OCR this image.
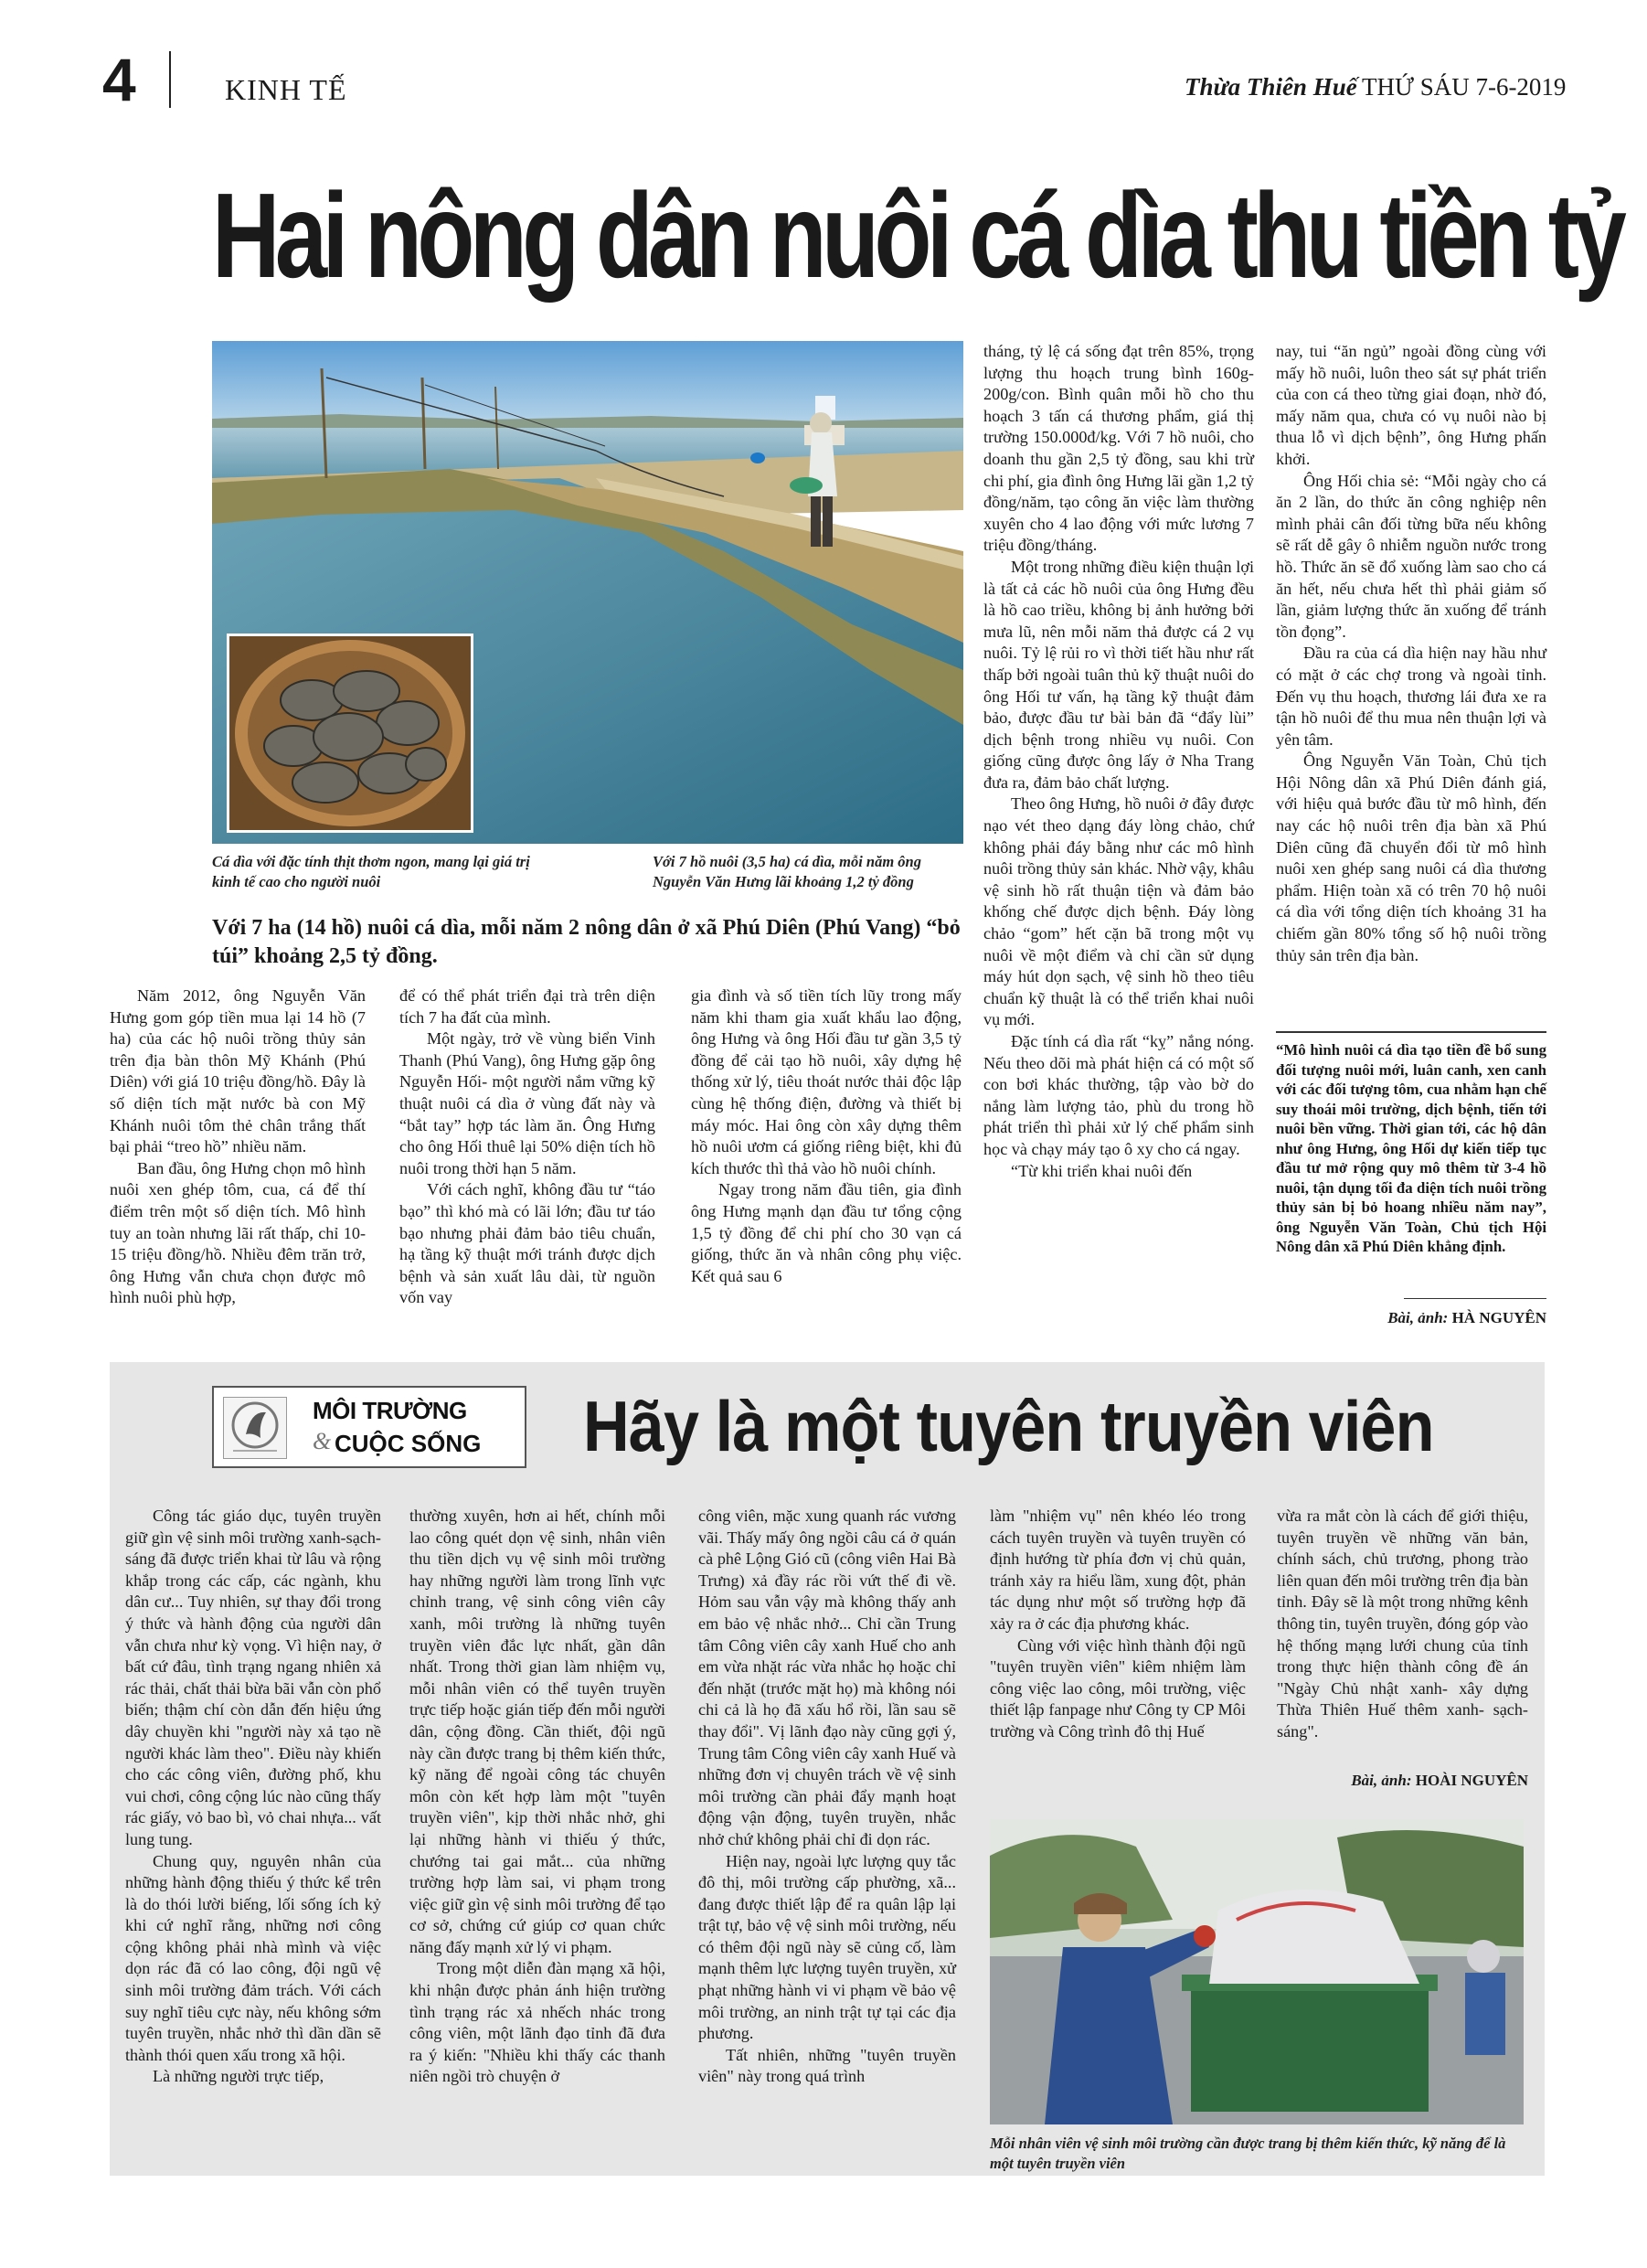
4	KINH TẾ	Thừa Thiên Huế THỨ SÁU 7-6-2019
Hai nông dân nuôi cá dìa thu tiền tỷ
Cá dìa với đặc tính thịt thơm ngon, mang lại giá trị kinh tế cao cho người nuôi
Với 7 hồ nuôi (3,5 ha) cá dìa, mỗi năm ông Nguyễn Văn Hưng lãi khoảng 1,2 tỷ đồng
Với 7 ha (14 hồ) nuôi cá dìa, mỗi năm 2 nông dân ở xã Phú Diên (Phú Vang) “bỏ túi” khoảng 2,5 tỷ đồng.

Năm 2012, ông Nguyễn Văn Hưng gom góp tiền mua lại 14 hồ (7 ha) của các hộ nuôi trồng thủy sản trên địa bàn thôn Mỹ Khánh (Phú Diên) với giá 10 triệu đồng/hồ. Đây là số diện tích mặt nước bà con Mỹ Khánh nuôi tôm thẻ chân trắng thất bại phải “treo hồ” nhiều năm.

Ban đầu, ông Hưng chọn mô hình nuôi xen ghép tôm, cua, cá để thí điểm trên một số diện tích. Mô hình tuy an toàn nhưng lãi rất thấp, chỉ 10-15 triệu đồng/hồ. Nhiều đêm trăn trở, ông Hưng vẫn chưa chọn được mô hình nuôi phù hợp,

để có thể phát triển đại trà trên diện tích 7 ha đất của mình.

Một ngày, trở về vùng biển Vinh Thanh (Phú Vang), ông Hưng gặp ông Nguyễn Hối- một người nắm vững kỹ thuật nuôi cá dìa ở vùng đất này và “bắt tay” hợp tác làm ăn. Ông Hưng cho ông Hối thuê lại 50% diện tích hồ nuôi trong thời hạn 5 năm.

Với cách nghĩ, không đầu tư “táo bạo” thì khó mà có lãi lớn; đầu tư táo bạo nhưng phải đảm bảo tiêu chuẩn, hạ tầng kỹ thuật mới tránh được dịch bệnh và sản xuất lâu dài, từ nguồn vốn vay

gia đình và số tiền tích lũy trong mấy năm khi tham gia xuất khẩu lao động, ông Hưng và ông Hối đầu tư gần 3,5 tỷ đồng để cải tạo hồ nuôi, xây dựng hệ thống xử lý, tiêu thoát nước thải độc lập cùng hệ thống điện, đường và thiết bị máy móc. Hai ông còn xây dựng thêm hồ nuôi ươm cá giống riêng biệt, khi đủ kích thước thì thả vào hồ nuôi chính.

Ngay trong năm đầu tiên, gia đình ông Hưng mạnh dạn đầu tư tổng cộng 1,5 tỷ đồng để chi phí cho 30 vạn cá giống, thức ăn và nhân công phụ việc. Kết quả sau 6

tháng, tỷ lệ cá sống đạt trên 85%, trọng lượng thu hoạch trung bình 160g-200g/con. Bình quân mỗi hồ cho thu hoạch 3 tấn cá thương phẩm, giá thị trường 150.000đ/kg. Với 7 hồ nuôi, cho doanh thu gần 2,5 tỷ đồng, sau khi trừ chi phí, gia đình ông Hưng lãi gần 1,2 tỷ đồng/năm, tạo công ăn việc làm thường xuyên cho 4 lao động với mức lương 7 triệu đồng/tháng.

Một trong những điều kiện thuận lợi là tất cả các hồ nuôi của ông Hưng đều là hồ cao triều, không bị ảnh hưởng bởi mưa lũ, nên mỗi năm thả được cá 2 vụ nuôi. Tỷ lệ rủi ro vì thời tiết hầu như rất thấp bởi ngoài tuân thủ kỹ thuật nuôi do ông Hối tư vấn, hạ tầng kỹ thuật đảm bảo, được đầu tư bài bản đã “đẩy lùi” dịch bệnh trong nhiều vụ nuôi. Con giống cũng được ông lấy ở Nha Trang đưa ra, đảm bảo chất lượng.

Theo ông Hưng, hồ nuôi ở đây được nạo vét theo dạng đáy lòng chảo, chứ không phải đáy bằng như các mô hình nuôi trồng thủy sản khác. Nhờ vậy, khâu vệ sinh hồ rất thuận tiện và đảm bảo khống chế được dịch bệnh. Đáy lòng chảo “gom” hết cặn bã trong một vụ nuôi về một điểm và chỉ cần sử dụng máy hút dọn sạch, vệ sinh hồ theo tiêu chuẩn kỹ thuật là có thể triển khai nuôi vụ mới.

Đặc tính cá dìa rất “kỵ” nắng nóng. Nếu theo dõi mà phát hiện cá có một số con bơi khác thường, tập vào bờ do nắng làm lượng tảo, phù du trong hồ phát triển thì phải xử lý chế phẩm sinh học và chạy máy tạo ô xy cho cá ngay.

“Từ khi triển khai nuôi đến

nay, tui “ăn ngủ” ngoài đồng cùng với mấy hồ nuôi, luôn theo sát sự phát triển của con cá theo từng giai đoạn, nhờ đó, mấy năm qua, chưa có vụ nuôi nào bị thua lỗ vì dịch bệnh”, ông Hưng phấn khởi.

Ông Hối chia sẻ: “Mỗi ngày cho cá ăn 2 lần, do thức ăn công nghiệp nên mình phải cân đối từng bữa nếu không sẽ rất dễ gây ô nhiễm nguồn nước trong hồ. Thức ăn sẽ đổ xuống làm sao cho cá ăn hết, nếu chưa hết thì phải giảm số lần, giảm lượng thức ăn xuống để tránh tồn đọng”.

Đầu ra của cá dìa hiện nay hầu như có mặt ở các chợ trong và ngoài tỉnh. Đến vụ thu hoạch, thương lái đưa xe ra tận hồ nuôi để thu mua nên thuận lợi và yên tâm.

Ông Nguyễn Văn Toàn, Chủ tịch Hội Nông dân xã Phú Diên đánh giá, với hiệu quả bước đầu từ mô hình, đến nay các hộ nuôi trên địa bàn xã Phú Diên cũng đã chuyển đổi từ mô hình nuôi xen ghép sang nuôi cá dìa thương phẩm. Hiện toàn xã có trên 70 hộ nuôi cá dìa với tổng diện tích khoảng 31 ha chiếm gần 80% tổng số hộ nuôi trồng thủy sản trên địa bàn.

“Mô hình nuôi cá dìa tạo tiền đề bổ sung đối tượng nuôi mới, luân canh, xen canh với các đối tượng tôm, cua nhằm hạn chế suy thoái môi trường, dịch bệnh, tiến tới nuôi bền vững. Thời gian tới, các hộ dân như ông Hưng, ông Hối dự kiến tiếp tục đầu tư mở rộng quy mô thêm từ 3-4 hồ nuôi, tận dụng tối đa diện tích nuôi trồng thủy sản bị bỏ hoang nhiều năm nay”, ông Nguyễn Văn Toàn, Chủ tịch Hội Nông dân xã Phú Diên khẳng định.
Bài, ảnh: HÀ NGUYÊN
MÔI TRƯỜNG
& CUỘC SỐNG Hãy là một tuyên truyền viên

Công tác giáo dục, tuyên truyền giữ gìn vệ sinh môi trường xanh-sạch-sáng đã được triển khai từ lâu và rộng khắp trong các cấp, các ngành, khu dân cư... Tuy nhiên, sự thay đổi trong ý thức và hành động của người dân vẫn chưa như kỳ vọng. Vì hiện nay, ở bất cứ đâu, tình trạng ngang nhiên xả rác thải, chất thải bừa bãi vẫn còn phổ biến; thậm chí còn dẫn đến hiệu ứng dây chuyền khi "người này xả tạo nề người khác làm theo". Điều này khiến cho các công viên, đường phố, khu vui chơi, công cộng lúc nào cũng thấy rác giấy, vỏ bao bì, vỏ chai nhựa... vất lung tung.

Chung quy, nguyên nhân của những hành động thiếu ý thức kể trên là do thói lười biếng, lối sống ích kỷ khi cứ nghĩ rằng, những nơi công cộng không phải nhà mình và việc dọn rác đã có lao công, đội ngũ vệ sinh môi trường đảm trách. Với cách suy nghĩ tiêu cực này, nếu không sớm tuyên truyền, nhắc nhở thì dần dần sẽ thành thói quen xấu trong xã hội.

Là những người trực tiếp,

thường xuyên, hơn ai hết, chính mỗi lao công quét dọn vệ sinh, nhân viên thu tiền dịch vụ vệ sinh môi trường hay những người làm trong lĩnh vực chỉnh trang, vệ sinh công viên cây xanh, môi trường là những tuyên truyền viên đắc lực nhất, gần dân nhất. Trong thời gian làm nhiệm vụ, mỗi nhân viên có thể tuyên truyền trực tiếp hoặc gián tiếp đến mỗi người dân, cộng đồng. Cần thiết, đội ngũ này cần được trang bị thêm kiến thức, kỹ năng để ngoài công tác chuyên môn còn kết hợp làm một "tuyên truyền viên", kịp thời nhắc nhở, ghi lại những hành vi thiếu ý thức, chướng tai gai mắt... của những trường hợp làm sai, vi phạm trong việc giữ gìn vệ sinh môi trường để tạo cơ sở, chứng cứ giúp cơ quan chức năng đấy mạnh xử lý vi phạm.

Trong một diễn đàn mạng xã hội, khi nhận được phản ánh hiện trường tình trạng rác xả nhếch nhác trong công viên, một lãnh đạo tỉnh đã đưa ra ý kiến: "Nhiều khi thấy các thanh niên ngồi trò chuyện ở

công viên, mặc xung quanh rác vương vãi. Thấy mấy ông ngồi câu cá ở quán cà phê Lộng Gió cũ (công viên Hai Bà Trưng) xả đầy rác rồi vứt thế đi về. Hỏm sau vẫn vậy mà không thấy anh em bảo vệ nhắc nhở... Chỉ cần Trung tâm Công viên cây xanh Huế cho anh em vừa nhặt rác vừa nhắc họ hoặc chỉ đến nhặt (trước mặt họ) mà không nói chi cả là họ đã xấu hổ rồi, lần sau sẽ thay đổi". Vị lãnh đạo này cũng gợi ý, Trung tâm Công viên cây xanh Huế và những đơn vị chuyên trách về vệ sinh môi trường cần phải đẩy mạnh hoạt động vận động, tuyên truyền, nhắc nhở chứ không phải chỉ đi dọn rác.

Hiện nay, ngoài lực lượng quy tắc đô thị, môi trường cấp phường, xã... đang được thiết lập để ra quân lập lại trật tự, bảo vệ vệ sinh môi trường, nếu có thêm đội ngũ này sẽ củng cố, làm mạnh thêm lực lượng tuyên truyền, xử phạt những hành vi vi phạm về bảo vệ môi trường, an ninh trật tự tại các địa phương.

Tất nhiên, những "tuyên truyền viên" này trong quá trình

làm "nhiệm vụ" nên khéo léo trong cách tuyên truyền và tuyên truyền có định hướng từ phía đơn vị chủ quản, tránh xảy ra hiểu lầm, xung đột, phản tác dụng như một số trường hợp đã xảy ra ở các địa phương khác.

Cùng với việc hình thành đội ngũ "tuyên truyền viên" kiêm nhiệm làm công việc lao công, môi trường, việc thiết lập fanpage như Công ty CP Môi trường và Công trình đô thị Huế

vừa ra mắt còn là cách để giới thiệu, tuyên truyền về những văn bản, chính sách, chủ trương, phong trào liên quan đến môi trường trên địa bàn tỉnh. Đây sẽ là một trong những kênh thông tin, tuyên truyền, đóng góp vào hệ thống mạng lưới chung của tỉnh trong thực hiện thành công đề án "Ngày Chủ nhật xanh- xây dựng Thừa Thiên Huế thêm xanh- sạch- sáng".

Bài, ảnh: HOÀI NGUYÊN
Mỗi nhân viên vệ sinh môi trường cần được trang bị thêm kiến thức, kỹ năng để là một tuyên truyền viên
